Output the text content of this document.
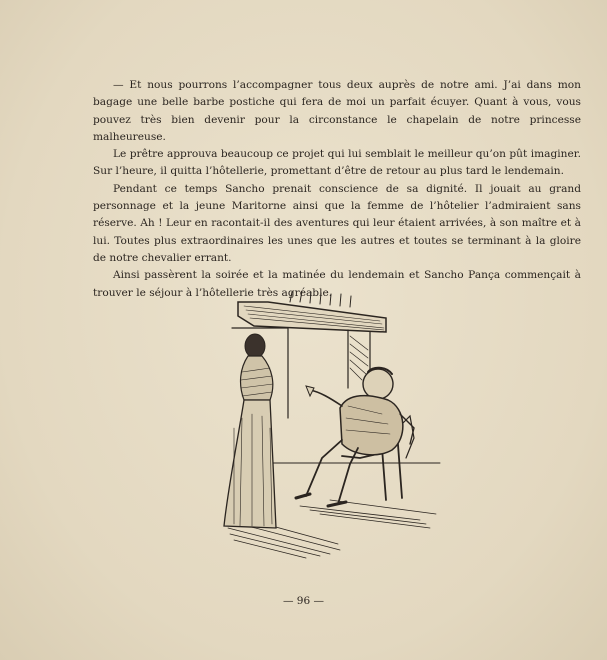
— Et nous pourrons l’accompagner tous deux auprès de notre ami. J’ai dans mon bagage une belle barbe postiche qui fera de moi un parfait écuyer. Quant à vous, vous pouvez très bien devenir pour la circonstance le chapelain de notre princesse malheureuse.

Le prêtre approuva beaucoup ce projet qui lui semblait le meilleur qu’on pût imaginer. Sur l’heure, il quitta l’hôtellerie, promettant d’être de retour au plus tard le lendemain.

Pendant ce temps Sancho prenait conscience de sa dignité. Il jouait au grand personnage et la jeune Maritorne ainsi que la femme de l’hôtelier l’admiraient sans réserve. Ah ! Leur en racontait-il des aventures qui leur étaient arrivées, à son maître et à lui. Toutes plus extraordinaires les unes que les autres et toutes se terminant à la gloire de notre chevalier errant.

Ainsi passèrent la soirée et la matinée du lendemain et Sancho Pança commençait à trouver le séjour à l’hôtellerie très agréable.

— 96 —
